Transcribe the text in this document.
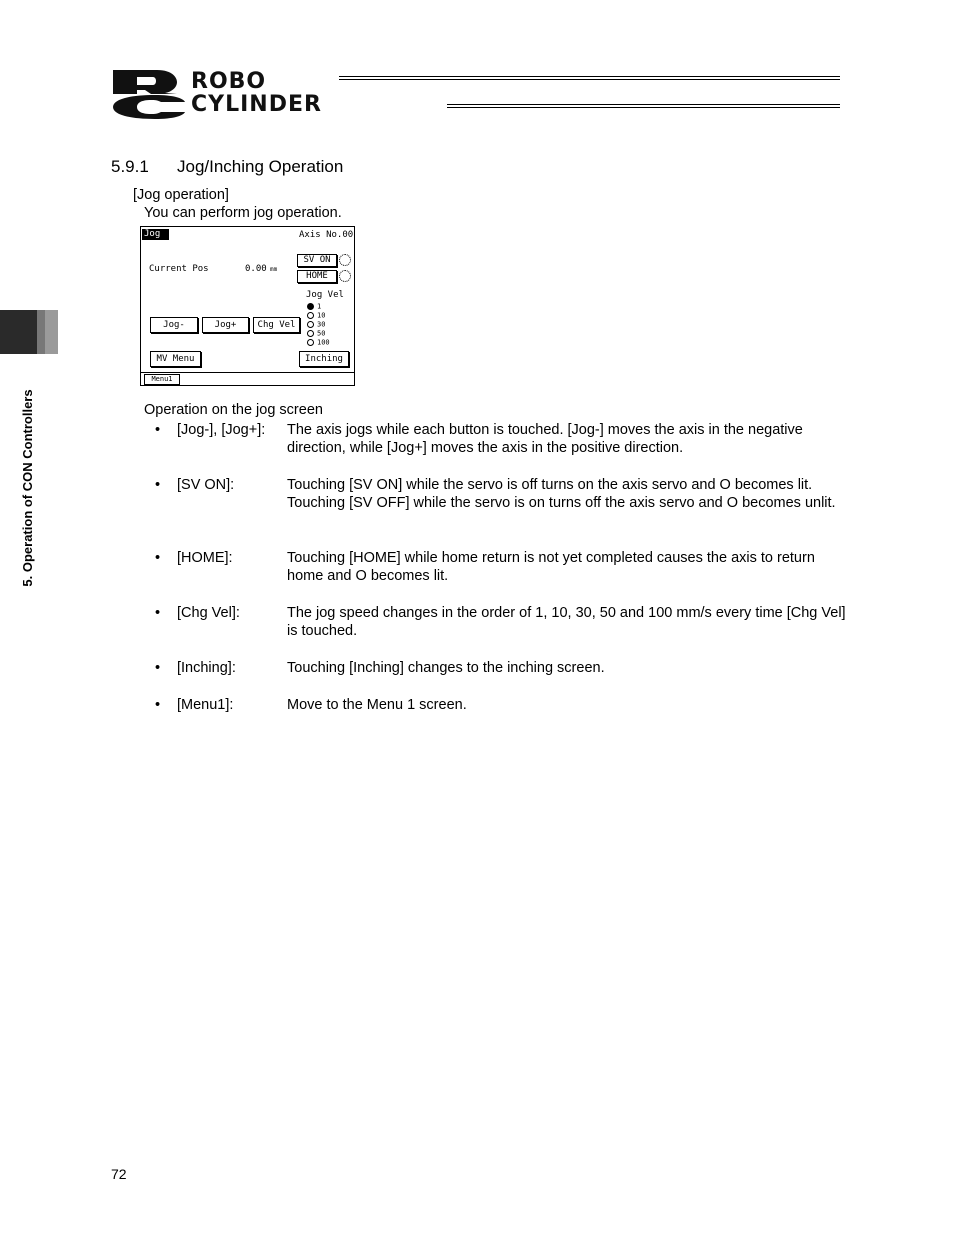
ROBO
CYLINDER
5. Operation of CON Controllers
5.9.1 Jog/Inching Operation
[Jog operation]
You can perform jog operation.
Jog	Axis No.00
Current Pos	0.00 mm
SV ON
HOME
Jog Vel
1
10
30
50
100
Jog-	Jog+	Chg Vel
MV Menu	Inching
Menu1
Operation on the jog screen
• [Jog-], [Jog+]: The axis jogs while each button is touched. [Jog-] moves the axis in the negative direction, while [Jog+] moves the axis in the positive direction.
• [SV ON]:	Touching [SV ON] while the servo is off turns on the axis servo and O becomes lit. Touching [SV OFF] while the servo is on turns off the axis servo and O becomes unlit.
• [HOME]:	Touching [HOME] while home return is not yet completed causes the axis to return home and O becomes lit.
• [Chg Vel]:	The jog speed changes in the order of 1, 10, 30, 50 and 100 mm/s every time [Chg Vel] is touched.
• [Inching]:	Touching [Inching] changes to the inching screen.
• [Menu1]:	Move to the Menu 1 screen.
72
